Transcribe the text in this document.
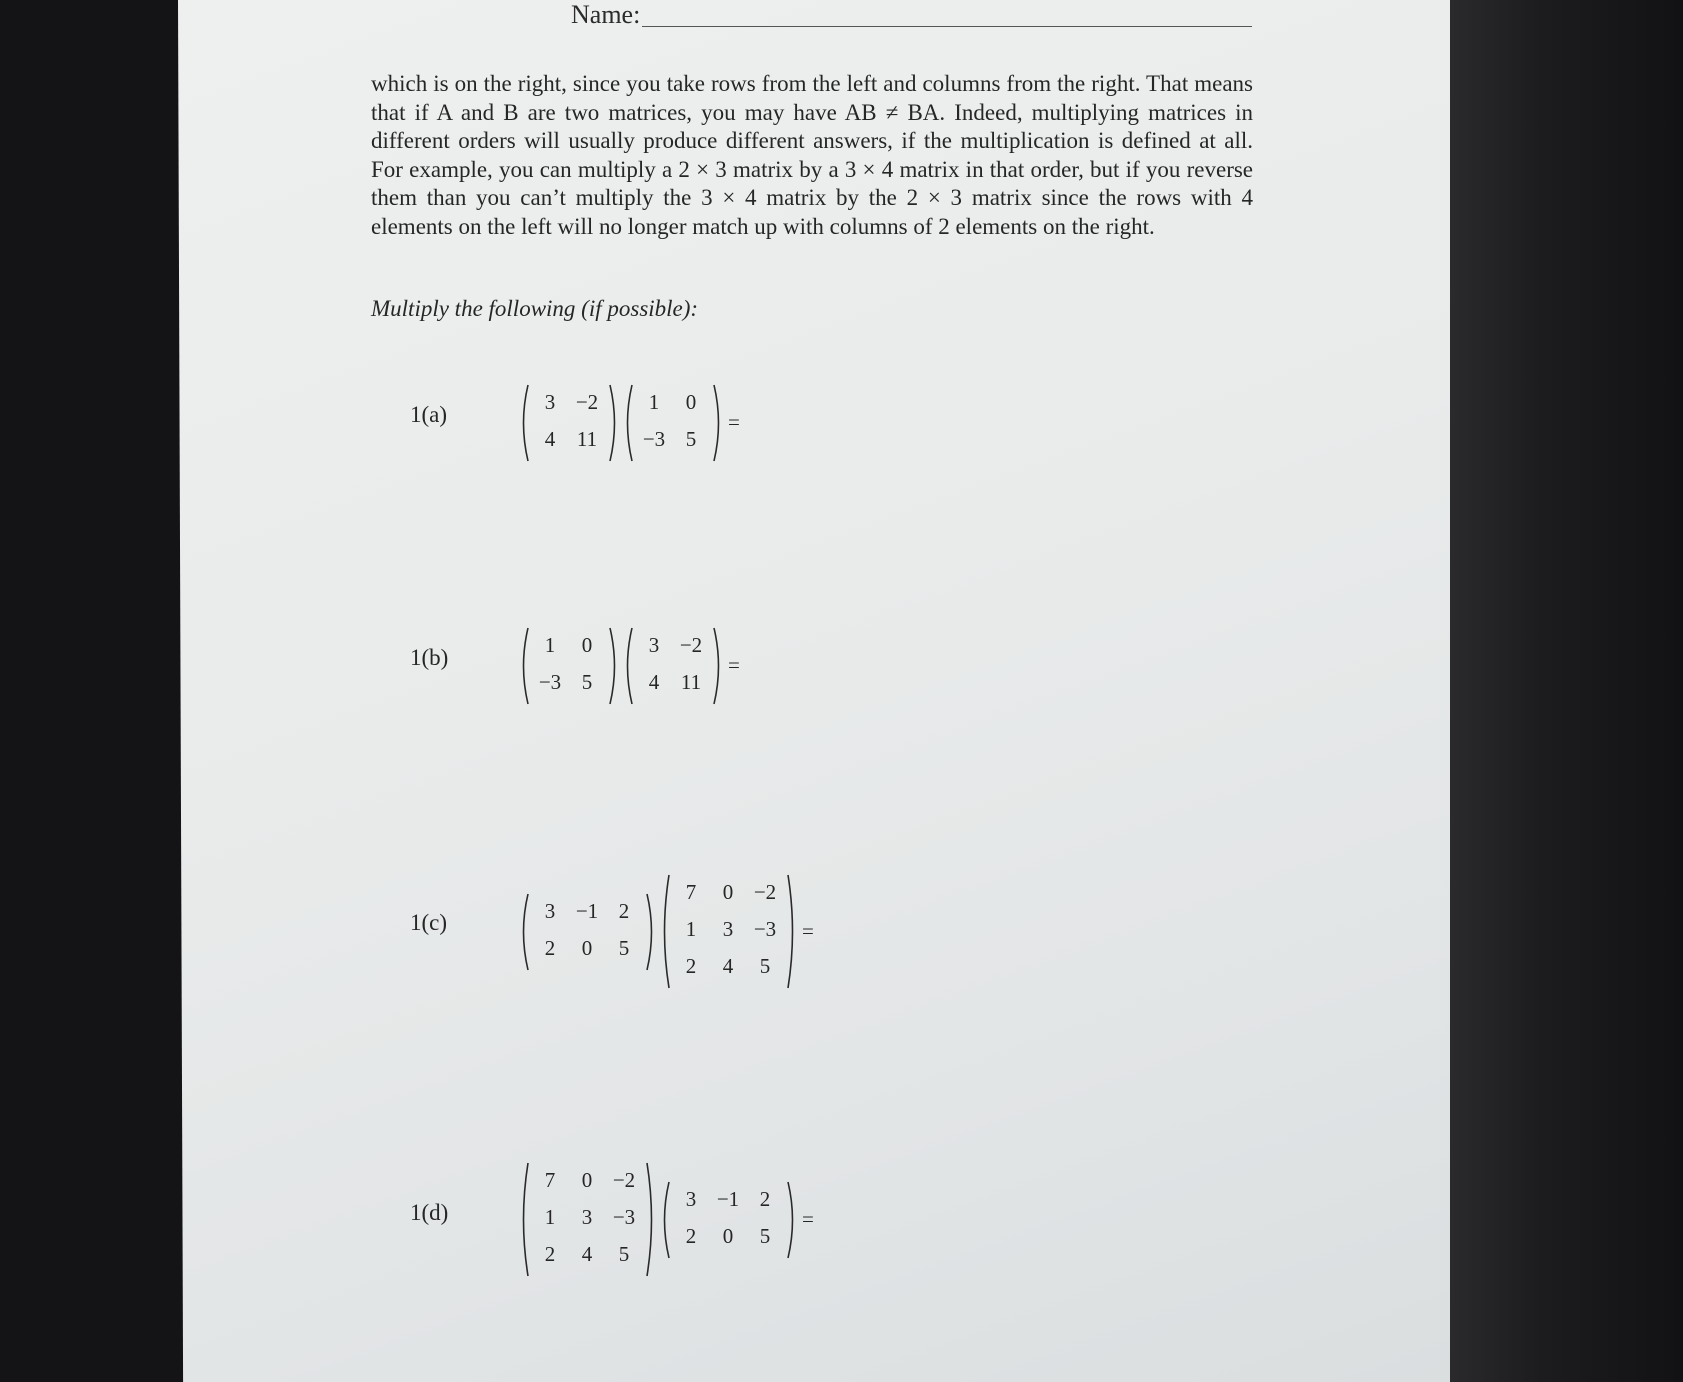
Name:
which is on the right, since you take rows from the left and columns from the right. That means that if A and B are two matrices, you may have AB ≠ BA. Indeed, multiplying matrices in different orders will usually produce different answers, if the multiplication is defined at all. For example, you can multiply a 2 × 3 matrix by a 3 × 4 matrix in that order, but if you reverse them than you can’t multiply the 3 × 4 matrix by the 2 × 3 matrix since the rows with 4 elements on the left will no longer match up with columns of 2 elements on the right.
Multiply the following (if possible):
1(a)	3 −2
4	11
1	0
−3 5
=
1(b)	1	0
−3 5
3 −2
4	11
=
1(c)	3 −1 2
2	0	5
7	0 −2
1	3 −3
2	4	5
=
1(d)
7	0 −2
1	3 −3
2	4	5
3 −1 2
2	0	5
=
